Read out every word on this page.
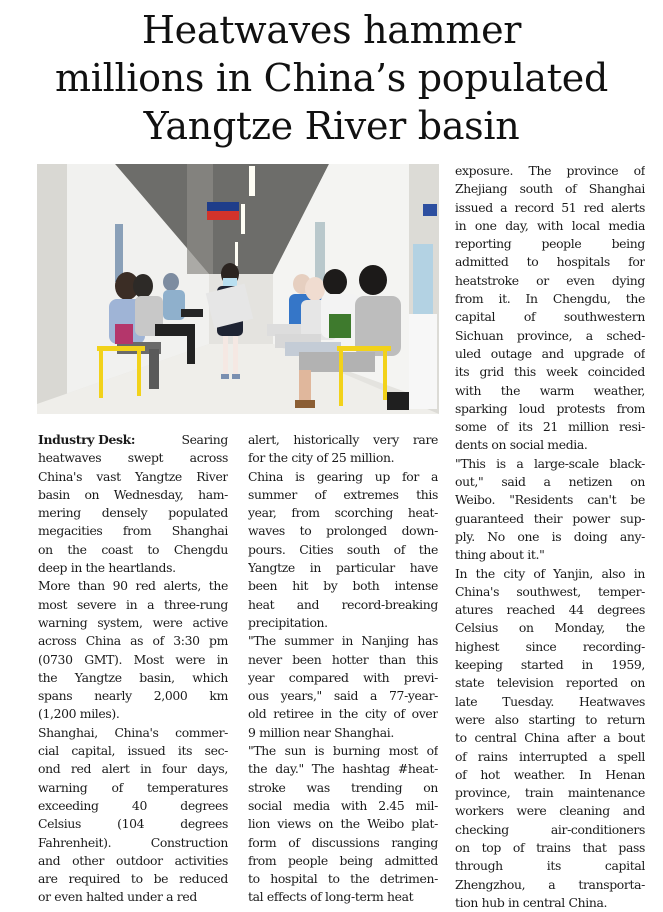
Heatwaves hammer
millions in China’s populated
Yangtze River basin
Industry Desk:	Searing
heatwaves swept across
China's vast Yangtze River
basin on Wednesday, ham-
mering densely populated
megacities from Shanghai
on the coast to Chengdu
deep in the heartlands.
More than 90 red alerts, the
most severe in a three-rung
warning system, were active
across China as of 3:30 pm
(0730 GMT). Most were in
the Yangtze basin, which
spans nearly 2,000 km
(1,200 miles).
Shanghai, China's commer-
cial capital, issued its sec-
ond red alert in four days,
warning of temperatures
exceeding 40 degrees
Celsius (104 degrees
Fahrenheit). Construction
and other outdoor activities
are required to be reduced
or even halted under a red
alert, historically very rare
for the city of 25 million.
China is gearing up for a
summer of extremes this
year, from scorching heat-
waves to prolonged down-
pours. Cities south of the
Yangtze in particular have
been hit by both intense
heat and record-breaking
precipitation.
"The summer in Nanjing has
never been hotter than this
year compared with previ-
ous years," said a 77-year-
old retiree in the city of over
9 million near Shanghai.
"The sun is burning most of
the day." The hashtag #heat-
stroke was trending on
social media with 2.45 mil-
lion views on the Weibo plat-
form of discussions ranging
from people being admitted
to hospital to the detrimen-
tal effects of long-term heat
exposure. The province of
Zhejiang south of Shanghai
issued a record 51 red alerts
in one day, with local media
reporting people being
admitted to hospitals for
heatstroke or even dying
from it. In Chengdu, the
capital of southwestern
Sichuan province, a sched-
uled outage and upgrade of
its grid this week coincided
with the warm weather,
sparking loud protests from
some of its 21 million resi-
dents on social media.
"This is a large-scale black-
out," said a netizen on
Weibo. "Residents can't be
guaranteed their power sup-
ply. No one is doing any-
thing about it."
In the city of Yanjin, also in
China's southwest, temper-
atures reached 44 degrees
Celsius on Monday, the
highest since recording-
keeping started in 1959,
state television reported on
late Tuesday. Heatwaves
were also starting to return
to central China after a bout
of rains interrupted a spell
of hot weather. In Henan
province, train maintenance
workers were cleaning and
checking air-conditioners
on top of trains that pass
through its capital
Zhengzhou, a transporta-
tion hub in central China.
